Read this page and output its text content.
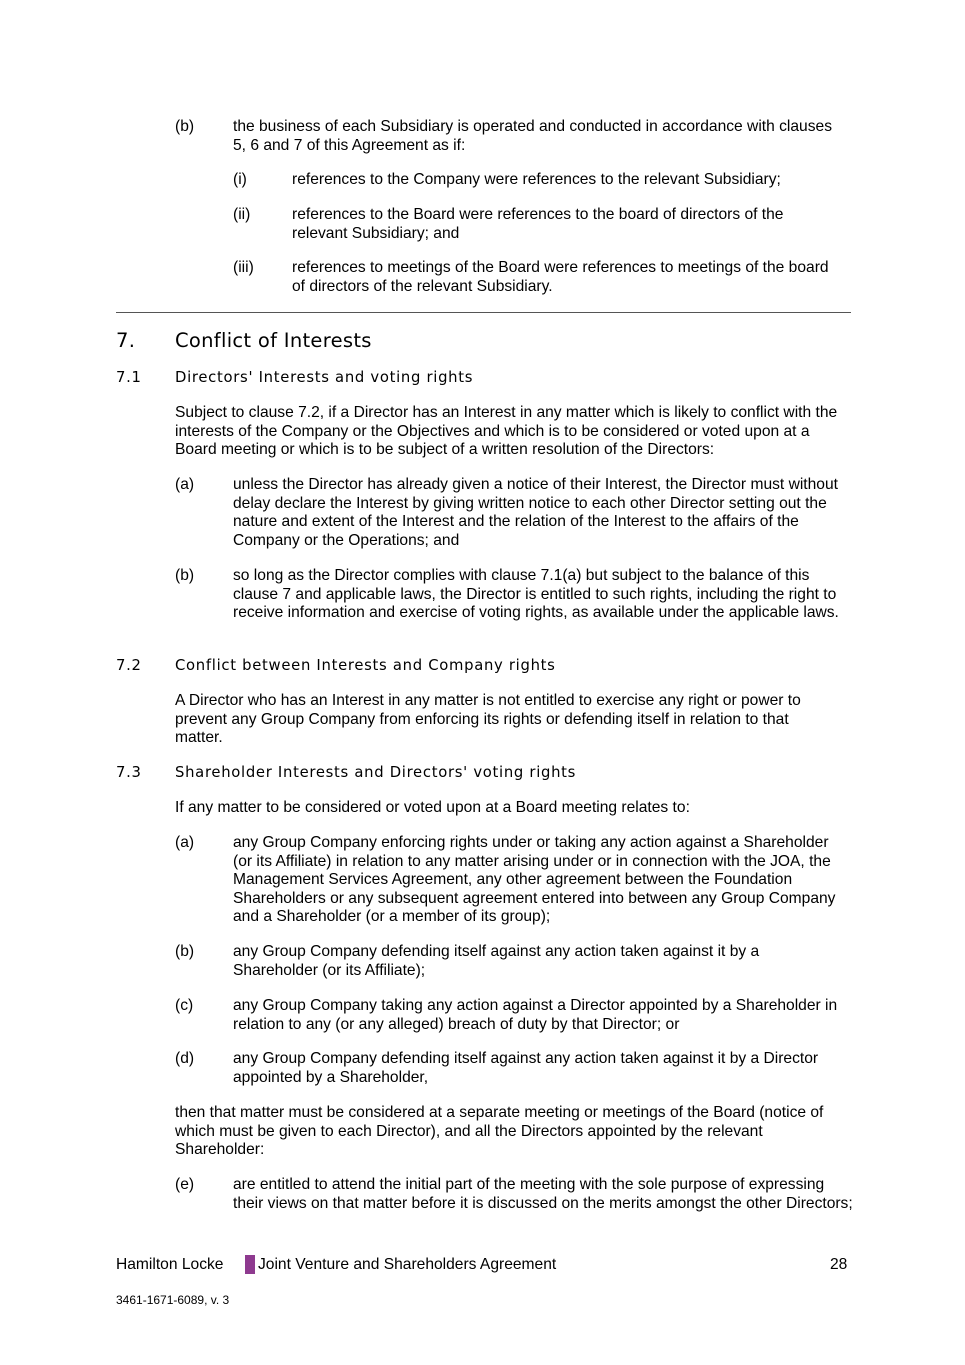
(b) the business of each Subsidiary is operated and conducted in accordance with clauses 5, 6 and 7 of this Agreement as if:

(i)	references to the Company were references to the relevant Subsidiary;

(ii)	references to the Board were references to the board of directors of the relevant Subsidiary; and

(iii) references to meetings of the Board were references to meetings of the board of directors of the relevant Subsidiary.

7. Conflict of Interests
7.1 Directors' Interests and voting rights

Subject to clause 7.2, if a Director has an Interest in any matter which is likely to conflict with the interests of the Company or the Objectives and which is to be considered or voted upon at a Board meeting or which is to be subject of a written resolution of the Directors:

(a) unless the Director has already given a notice of their Interest, the Director must without delay declare the Interest by giving written notice to each other Director setting out the nature and extent of the Interest and the relation of the Interest to the affairs of the Company or the Operations; and

(b) so long as the Director complies with clause 7.1(a) but subject to the balance of this clause 7 and applicable laws, the Director is entitled to such rights, including the right to receive information and exercise of voting rights, as available under the applicable laws.

7.2 Conflict between Interests and Company rights

A Director who has an Interest in any matter is not entitled to exercise any right or power to prevent any Group Company from enforcing its rights or defending itself in relation to that matter.

7.3 Shareholder Interests and Directors' voting rights

If any matter to be considered or voted upon at a Board meeting relates to:

(a) any Group Company enforcing rights under or taking any action against a Shareholder (or its Affiliate) in relation to any matter arising under or in connection with the JOA, the Management Services Agreement, any other agreement between the Foundation Shareholders or any subsequent agreement entered into between any Group Company and a Shareholder (or a member of its group);

(b) any Group Company defending itself against any action taken against it by a Shareholder (or its Affiliate);

(c)	any Group Company taking any action against a Director appointed by a Shareholder in relation to any (or any alleged) breach of duty by that Director; or

(d) any Group Company defending itself against any action taken against it by a Director appointed by a Shareholder,

then that matter must be considered at a separate meeting or meetings of the Board (notice of which must be given to each Director), and all the Directors appointed by the relevant Shareholder:

(e) are entitled to attend the initial part of the meeting with the sole purpose of expressing their views on that matter before it is discussed on the merits amongst the other Directors;

Hamilton Locke Joint Venture and Shareholders Agreement	28
3461-1671-6089, v. 3
